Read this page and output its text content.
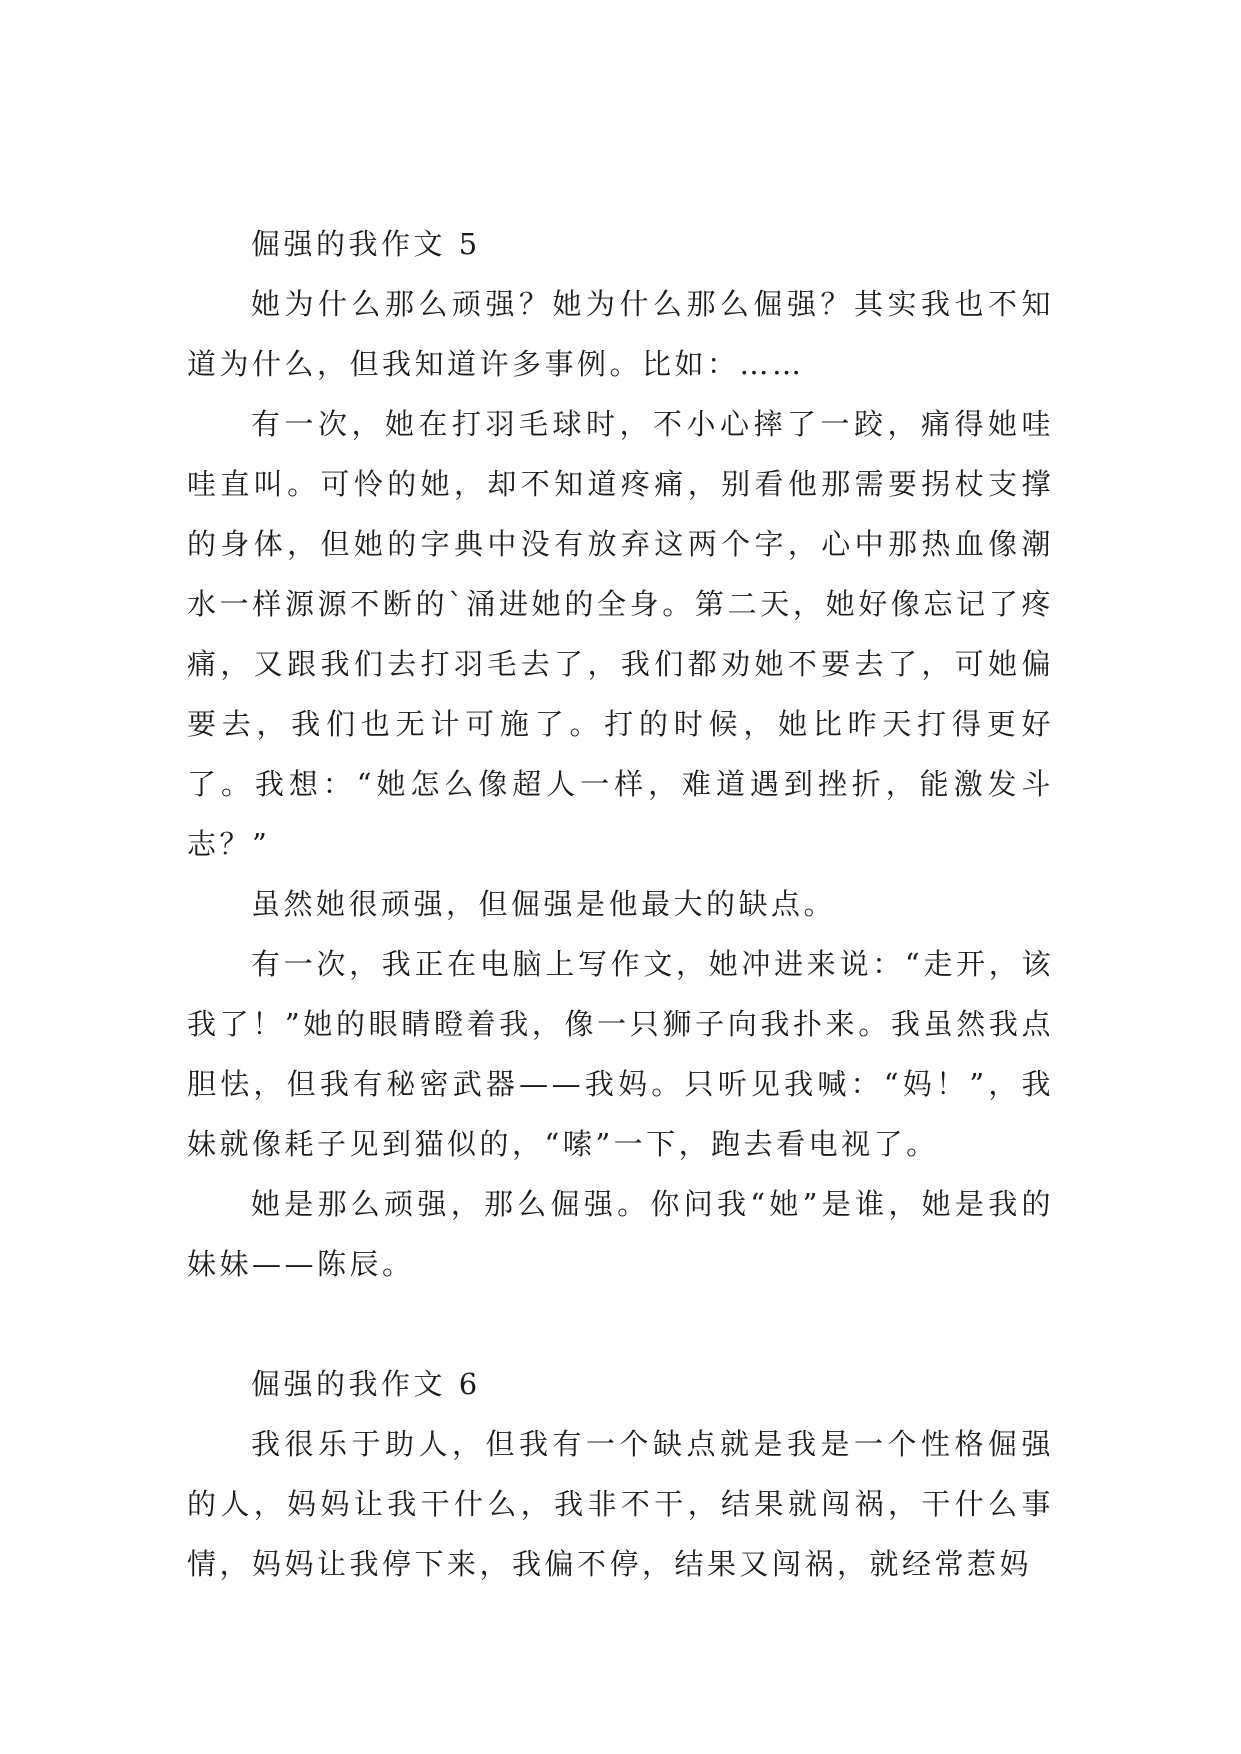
倔强的我作文 5

她为什么那么顽强？她为什么那么倔强？其实我也不知道为什么，但我知道许多事例。比如：……

有一次，她在打羽毛球时，不小心摔了一跤，痛得她哇哇直叫。可怜的她，却不知道疼痛，别看他那需要拐杖支撑的身体，但她的字典中没有放弃这两个字，心中那热血像潮水一样源源不断的`涌进她的全身。第二天，她好像忘记了疼痛，又跟我们去打羽毛去了，我们都劝她不要去了，可她偏要去，我们也无计可施了。打的时候，她比昨天打得更好了。我想：“她怎么像超人一样，难道遇到挫折，能激发斗志？”

虽然她很顽强，但倔强是他最大的缺点。

有一次，我正在电脑上写作文，她冲进来说：“走开，该我了！”她的眼睛瞪着我，像一只狮子向我扑来。我虽然我点胆怯，但我有秘密武器——我妈。只听见我喊：“妈！”，我妹就像耗子见到猫似的，“嗦”一下，跑去看电视了。

她是那么顽强，那么倔强。你问我“她”是谁，她是我的妹妹——陈辰。

倔强的我作文 6

我很乐于助人，但我有一个缺点就是我是一个性格倔强的人，妈妈让我干什么，我非不干，结果就闯祸，干什么事情，妈妈让我停下来，我偏不停，结果又闯祸，就经常惹妈
